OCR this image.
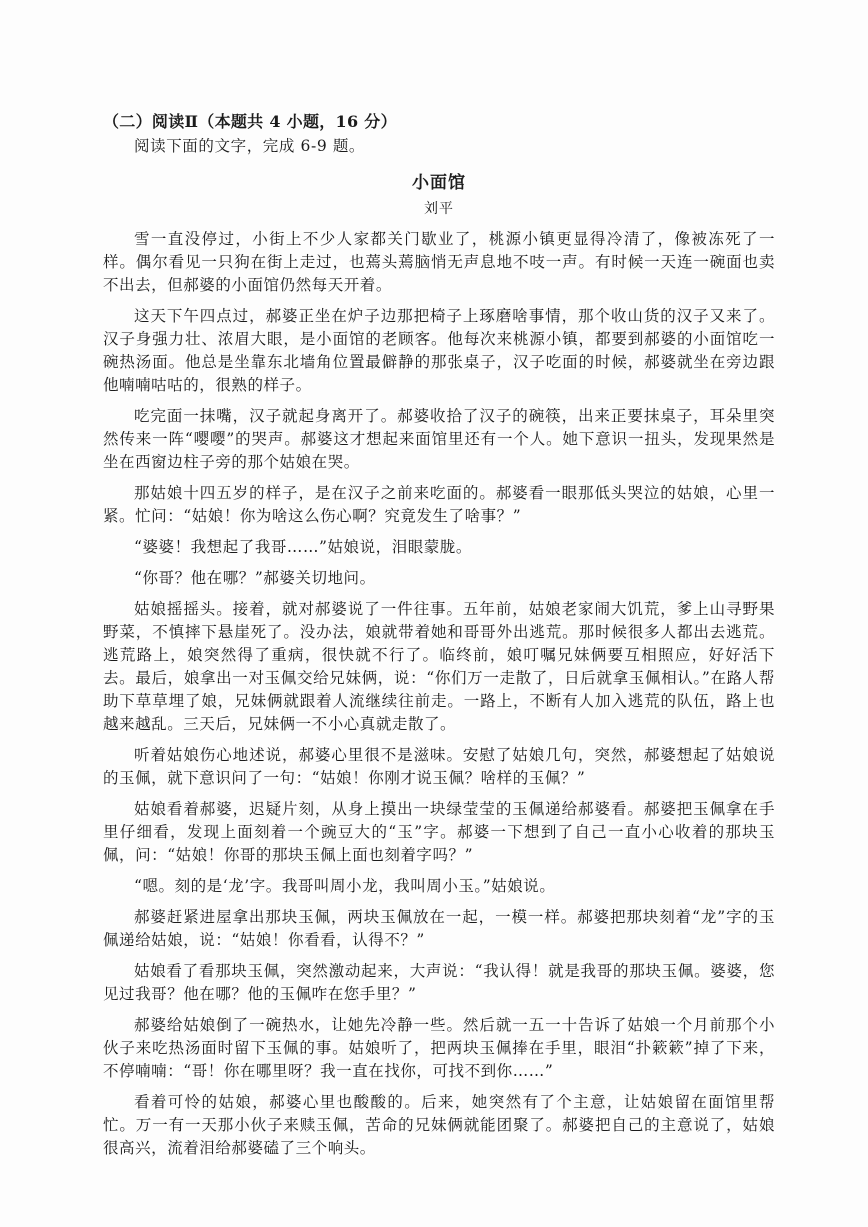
（二）阅读Ⅱ（本题共 4 小题，16 分）

阅读下面的文字，完成 6-9 题。

小面馆

刘平

雪一直没停过，小街上不少人家都关门歇业了，桃源小镇更显得冷清了，像被冻死了一样。偶尔看见一只狗在街上走过，也蔫头蔫脑悄无声息地不吱一声。有时候一天连一碗面也卖不出去，但郝婆的小面馆仍然每天开着。

这天下午四点过，郝婆正坐在炉子边那把椅子上琢磨啥事情，那个收山货的汉子又来了。汉子身强力壮、浓眉大眼，是小面馆的老顾客。他每次来桃源小镇，都要到郝婆的小面馆吃一碗热汤面。他总是坐靠东北墙角位置最僻静的那张桌子，汉子吃面的时候，郝婆就坐在旁边跟他喃喃咕咕的，很熟的样子。

吃完面一抹嘴，汉子就起身离开了。郝婆收拾了汉子的碗筷，出来正要抹桌子，耳朵里突然传来一阵“嘤嘤”的哭声。郝婆这才想起来面馆里还有一个人。她下意识一扭头，发现果然是坐在西窗边柱子旁的那个姑娘在哭。

那姑娘十四五岁的样子，是在汉子之前来吃面的。郝婆看一眼那低头哭泣的姑娘，心里一紧。忙问：“姑娘！你为啥这么伤心啊？究竟发生了啥事？”

“婆婆！我想起了我哥……”姑娘说，泪眼蒙胧。

“你哥？他在哪？”郝婆关切地问。

姑娘摇摇头。接着，就对郝婆说了一件往事。五年前，姑娘老家闹大饥荒，爹上山寻野果野菜，不慎摔下悬崖死了。没办法，娘就带着她和哥哥外出逃荒。那时候很多人都出去逃荒。逃荒路上，娘突然得了重病，很快就不行了。临终前，娘叮嘱兄妹俩要互相照应，好好活下去。最后，娘拿出一对玉佩交给兄妹俩，说：“你们万一走散了，日后就拿玉佩相认。”在路人帮助下草草埋了娘，兄妹俩就跟着人流继续往前走。一路上，不断有人加入逃荒的队伍，路上也越来越乱。三天后，兄妹俩一不小心真就走散了。

听着姑娘伤心地述说，郝婆心里很不是滋味。安慰了姑娘几句，突然，郝婆想起了姑娘说的玉佩，就下意识问了一句：“姑娘！你刚才说玉佩？啥样的玉佩？”

姑娘看着郝婆，迟疑片刻，从身上摸出一块绿莹莹的玉佩递给郝婆看。郝婆把玉佩拿在手里仔细看，发现上面刻着一个豌豆大的“玉”字。郝婆一下想到了自己一直小心收着的那块玉佩，问：“姑娘！你哥的那块玉佩上面也刻着字吗？”

“嗯。刻的是‘龙’字。我哥叫周小龙，我叫周小玉。”姑娘说。

郝婆赶紧进屋拿出那块玉佩，两块玉佩放在一起，一模一样。郝婆把那块刻着“龙”字的玉佩递给姑娘，说：“姑娘！你看看，认得不？”

姑娘看了看那块玉佩，突然激动起来，大声说：“我认得！就是我哥的那块玉佩。婆婆，您见过我哥？他在哪？他的玉佩咋在您手里？”

郝婆给姑娘倒了一碗热水，让她先冷静一些。然后就一五一十告诉了姑娘一个月前那个小伙子来吃热汤面时留下玉佩的事。姑娘听了，把两块玉佩捧在手里，眼泪“扑簌簌”掉了下来，不停喃喃：“哥！你在哪里呀？我一直在找你，可找不到你……”

看着可怜的姑娘，郝婆心里也酸酸的。后来，她突然有了个主意，让姑娘留在面馆里帮忙。万一有一天那小伙子来赎玉佩，苦命的兄妹俩就能团聚了。郝婆把自己的主意说了，姑娘很高兴，流着泪给郝婆磕了三个响头。
